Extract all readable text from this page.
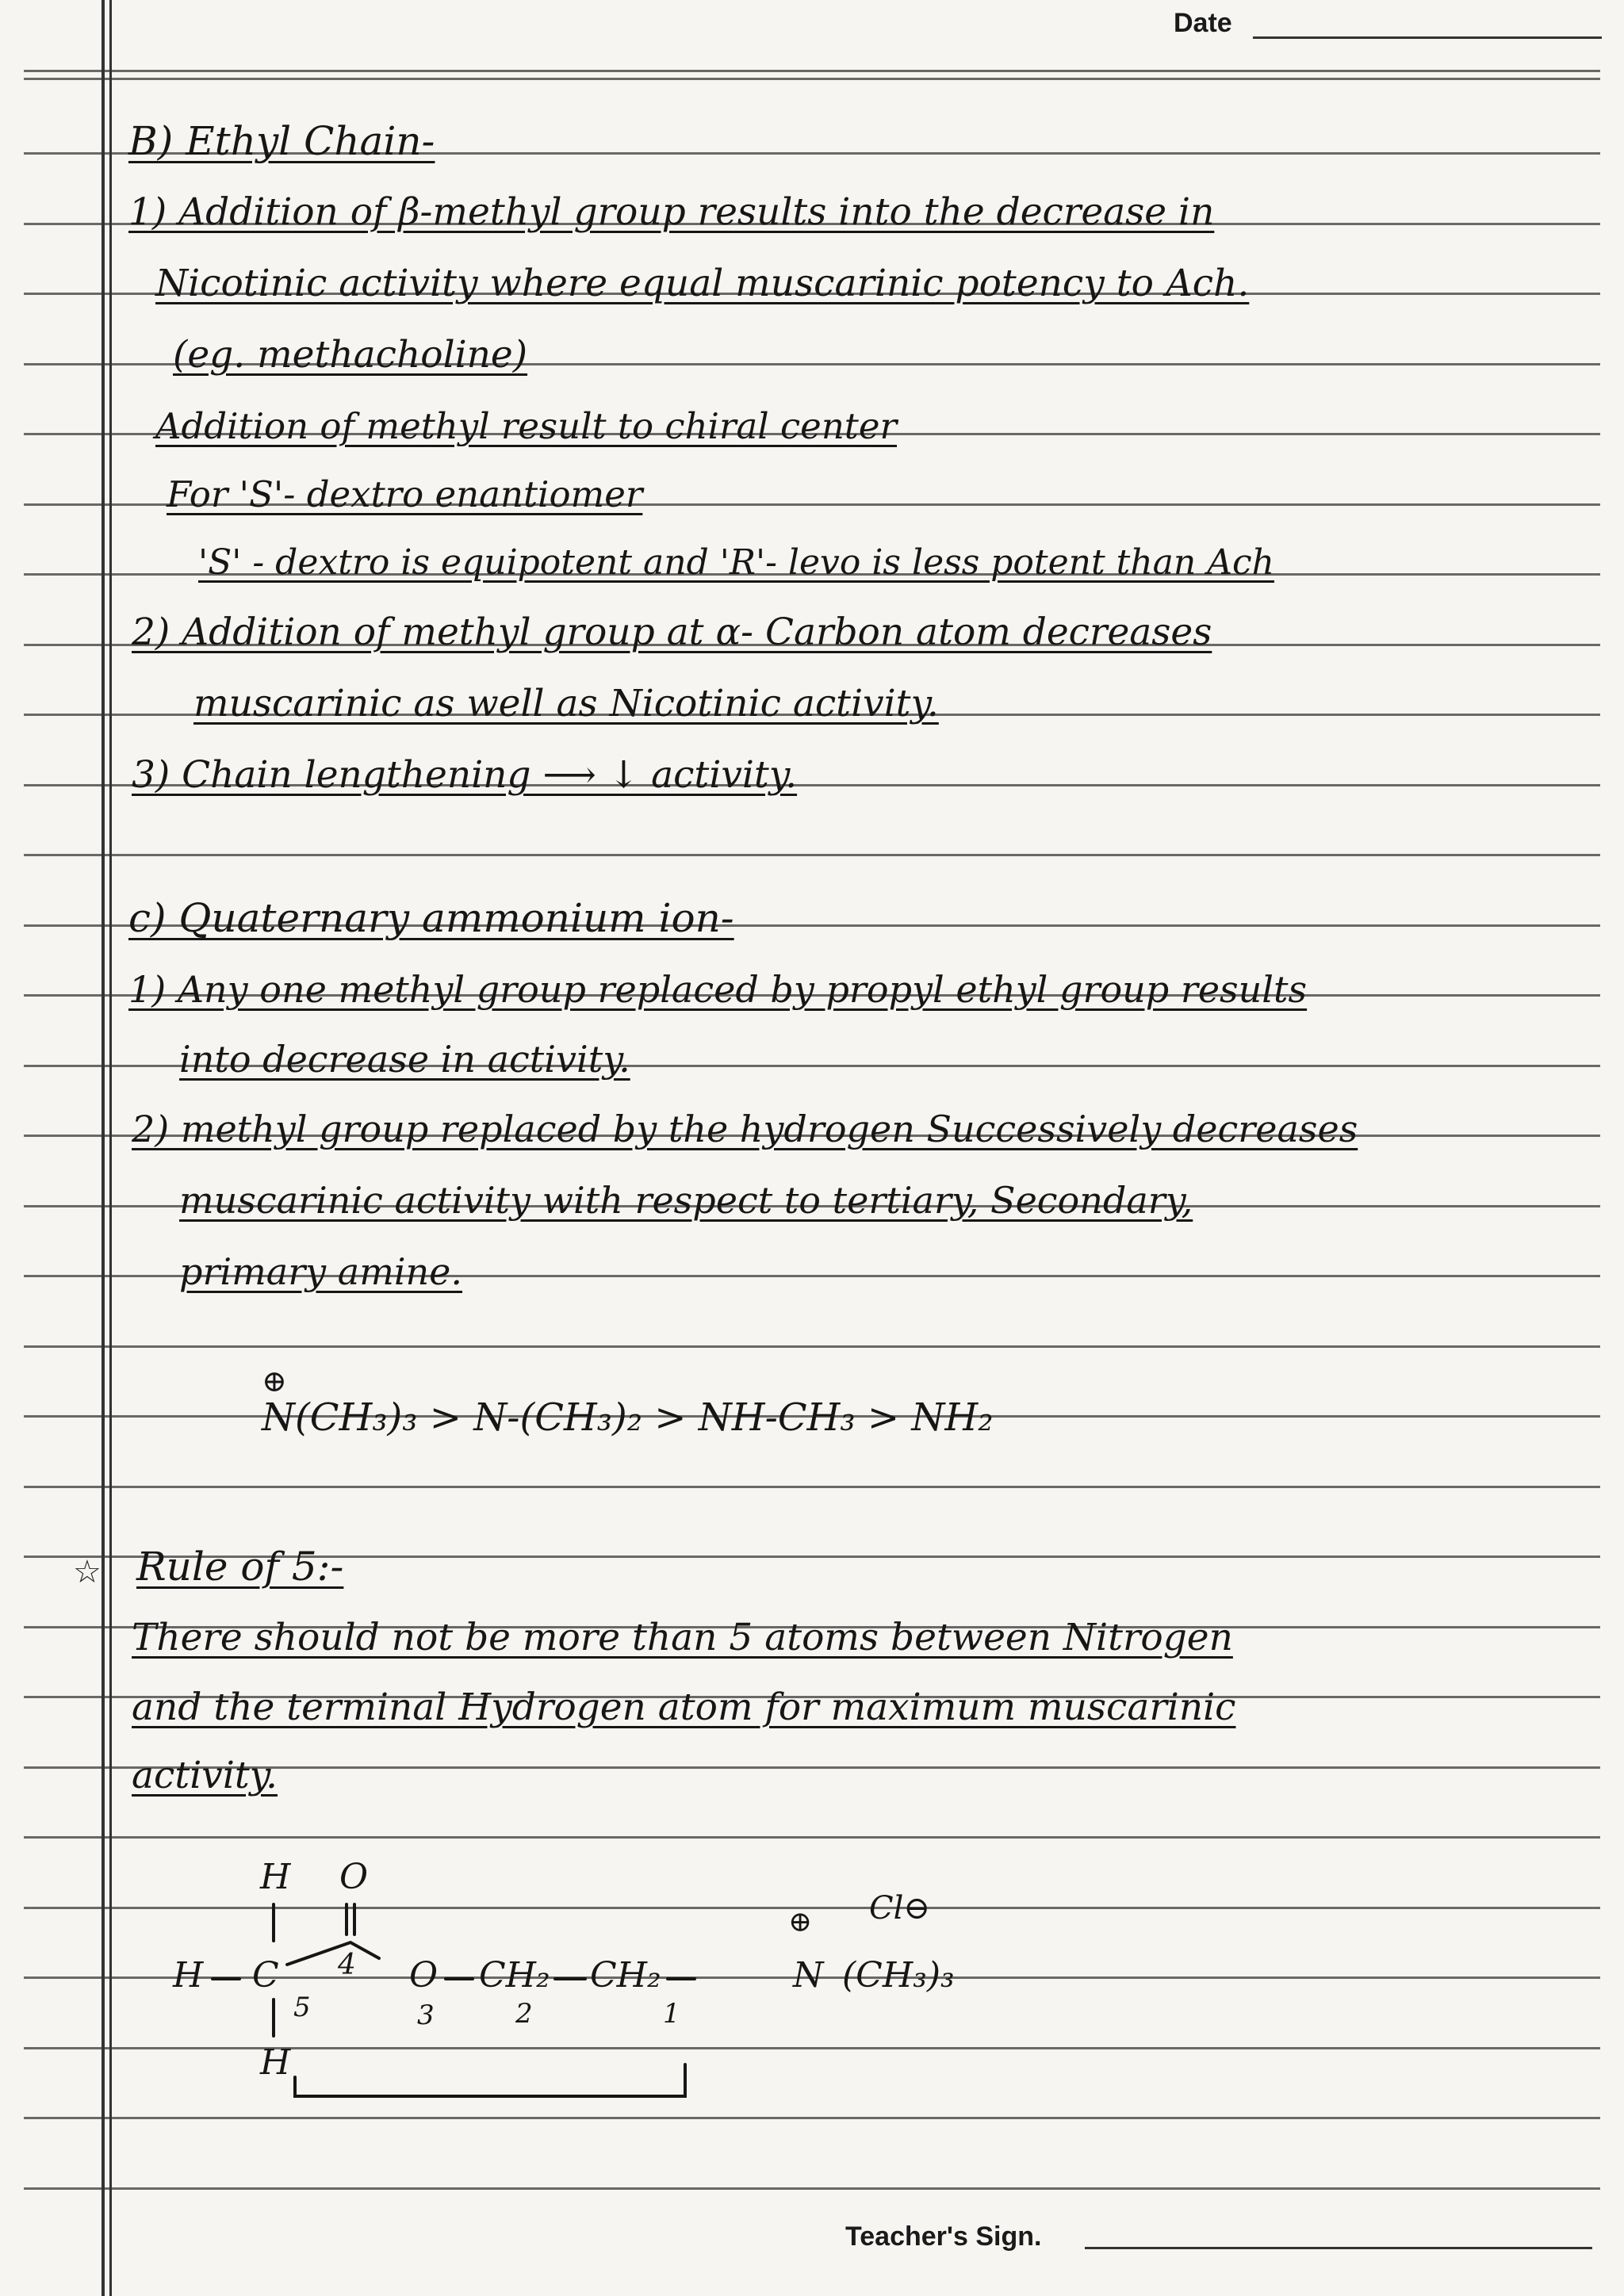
Date
B) Ethyl Chain-
1) Addition of β-methyl group results into the decrease in
Nicotinic activity where equal muscarinic potency to Ach.
(eg. methacholine)
Addition of methyl result to chiral center
For 'S'- dextro enantiomer
'S' - dextro is equipotent and 'R'- levo is less potent than Ach
2) Addition of methyl group at α- Carbon atom decreases
muscarinic as well as Nicotinic activity.
3) Chain lengthening ⟶ ↓ activity.
c) Quaternary ammonium ion-
1) Any one methyl group replaced by propyl ethyl group results
into decrease in activity.
2) methyl group replaced by the hydrogen Successively decreases
muscarinic activity with respect to tertiary, Secondary,
primary amine.
⊕
N(CH₃)₃ > N-(CH₃)₂ > NH-CH₃ > NH₂
☆ Rule of 5:-
There should not be more than 5 atoms between Nitrogen
and the terminal Hydrogen atom for maximum muscarinic
activity.
H O
H C 4 O CH₂ CH₂
⊕ Cl⊖
N (CH₃)₃
5	3	2	1
H
Teacher's Sign.
